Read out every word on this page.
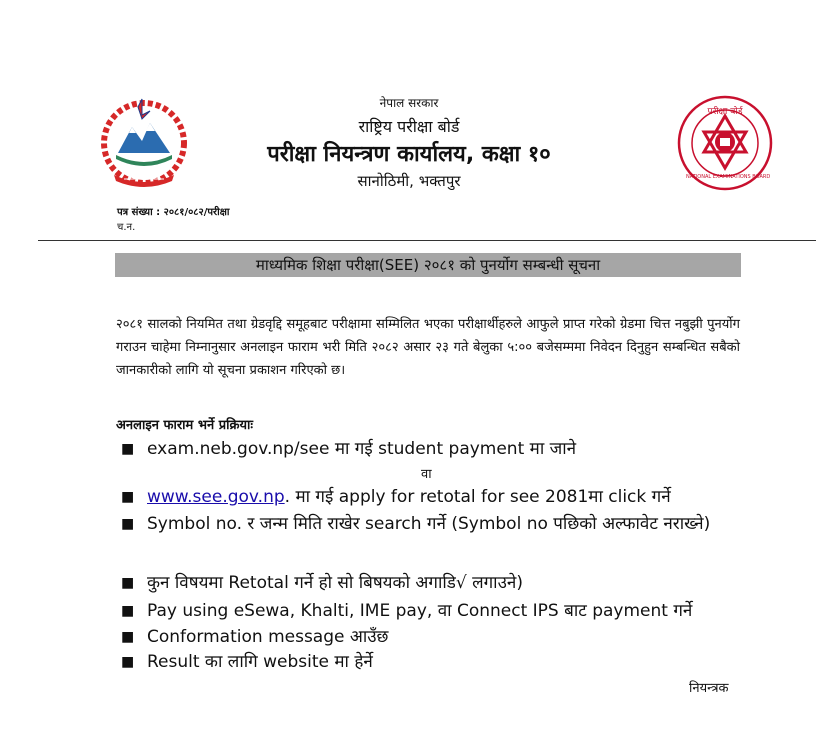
परीक्षा बोर्ड
NATIONAL EXAMINATIONS BOARD
नेपाल सरकार
राष्ट्रिय परीक्षा बोर्ड
परीक्षा नियन्त्रण कार्यालय, कक्षा १०
सानोठिमी, भक्तपुर
पत्र संख्या : २०८१/०८२/परीक्षा
च.न.
माध्यमिक शिक्षा परीक्षा(SEE) २०८१ को पुनर्योग सम्बन्धी सूचना
२०८१ सालको नियमित तथा ग्रेडवृद्दि समूहबाट परीक्षामा सम्मिलित भएका परीक्षार्थीहरुले आफुले प्राप्त गरेको ग्रेडमा चित्त नबुझी पुनर्योग गराउन चाहेमा निम्नानुसार अनलाइन फाराम भरी मिति २०८२ असार २३ गते बेलुका ५:०० बजेसम्ममा निवेदन दिनुहुन सम्बन्धित सबैको जानकारीको लागि यो सूचना प्रकाशन गरिएको छ।
अनलाइन फाराम भर्ने प्रक्रियाः
■ exam.neb.gov.np/see मा गई student payment मा जाने
वा
■ www.see.gov.np. मा गई apply for retotal for see 2081मा click गर्ने
■ Symbol no. र जन्म मिति राखेर search गर्ने (Symbol no पछिको अल्फावेट नराख्ने)
■ कुन विषयमा Retotal गर्ने हो सो बिषयको अगाडि√ लगाउने)
■ Pay using eSewa, Khalti, IME pay, वा Connect IPS बाट payment गर्ने
■ Conformation message आउँछ
■ Result का लागि website मा हेर्ने
नियन्त्रक
